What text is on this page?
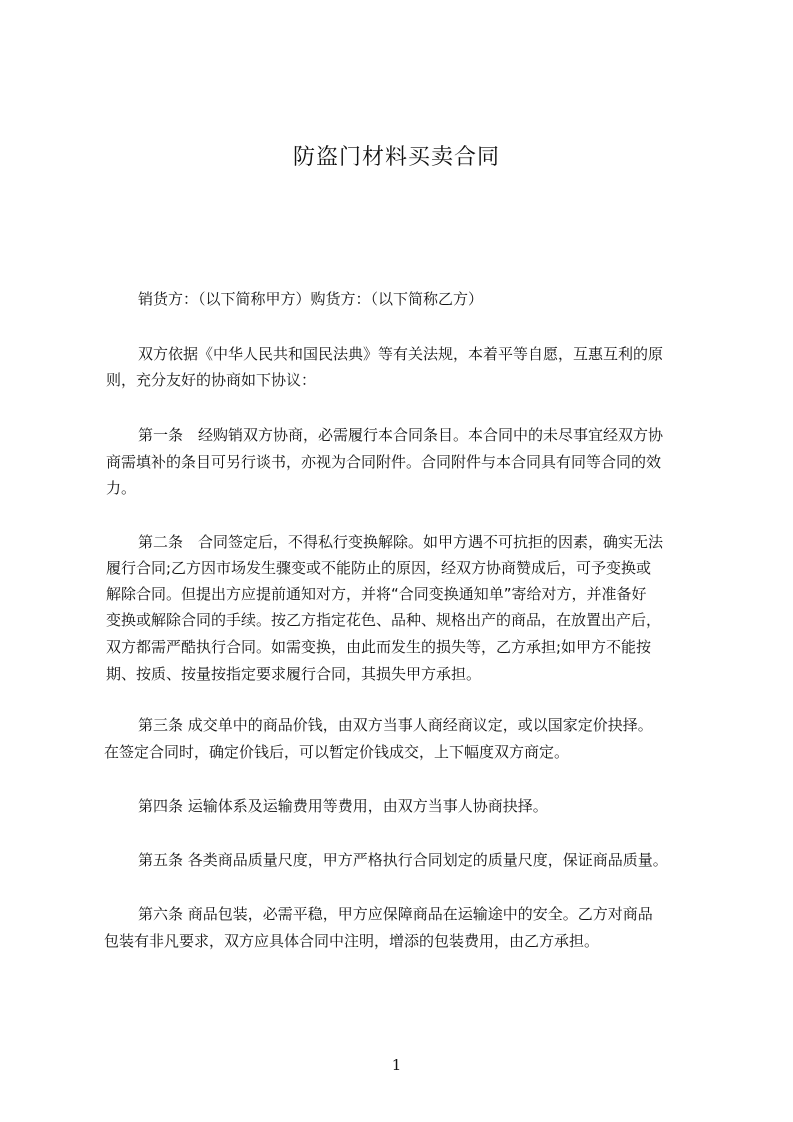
防盗门材料买卖合同
销货方：（以下简称甲方）购货方：（以下简称乙方）
双方依据《中华人民共和国民法典》等有关法规，本着平等自愿，互惠互利的原
则，充分友好的协商如下协议：
第一条　经购销双方协商，必需履行本合同条目。本合同中的未尽事宜经双方协
商需填补的条目可另行谈书，亦视为合同附件。合同附件与本合同具有同等合同的效
力。
第二条　合同签定后，不得私行变换解除。如甲方遇不可抗拒的因素，确实无法
履行合同;乙方因市场发生骤变或不能防止的原因，经双方协商赞成后，可予变换或
解除合同。但提出方应提前通知对方，并将“合同变换通知单”寄给对方，并准备好
变换或解除合同的手续。按乙方指定花色、品种、规格出产的商品，在放置出产后，
双方都需严酷执行合同。如需变换，由此而发生的损失等，乙方承担;如甲方不能按
期、按质、按量按指定要求履行合同，其损失甲方承担。
第三条 成交单中的商品价钱，由双方当事人商经商议定，或以国家定价抉择。
在签定合同时，确定价钱后，可以暂定价钱成交，上下幅度双方商定。
第四条 运输体系及运输费用等费用，由双方当事人协商抉择。
第五条 各类商品质量尺度，甲方严格执行合同划定的质量尺度，保证商品质量。
第六条 商品包装，必需平稳，甲方应保障商品在运输途中的安全。乙方对商品
包装有非凡要求，双方应具体合同中注明，增添的包装费用，由乙方承担。
1
